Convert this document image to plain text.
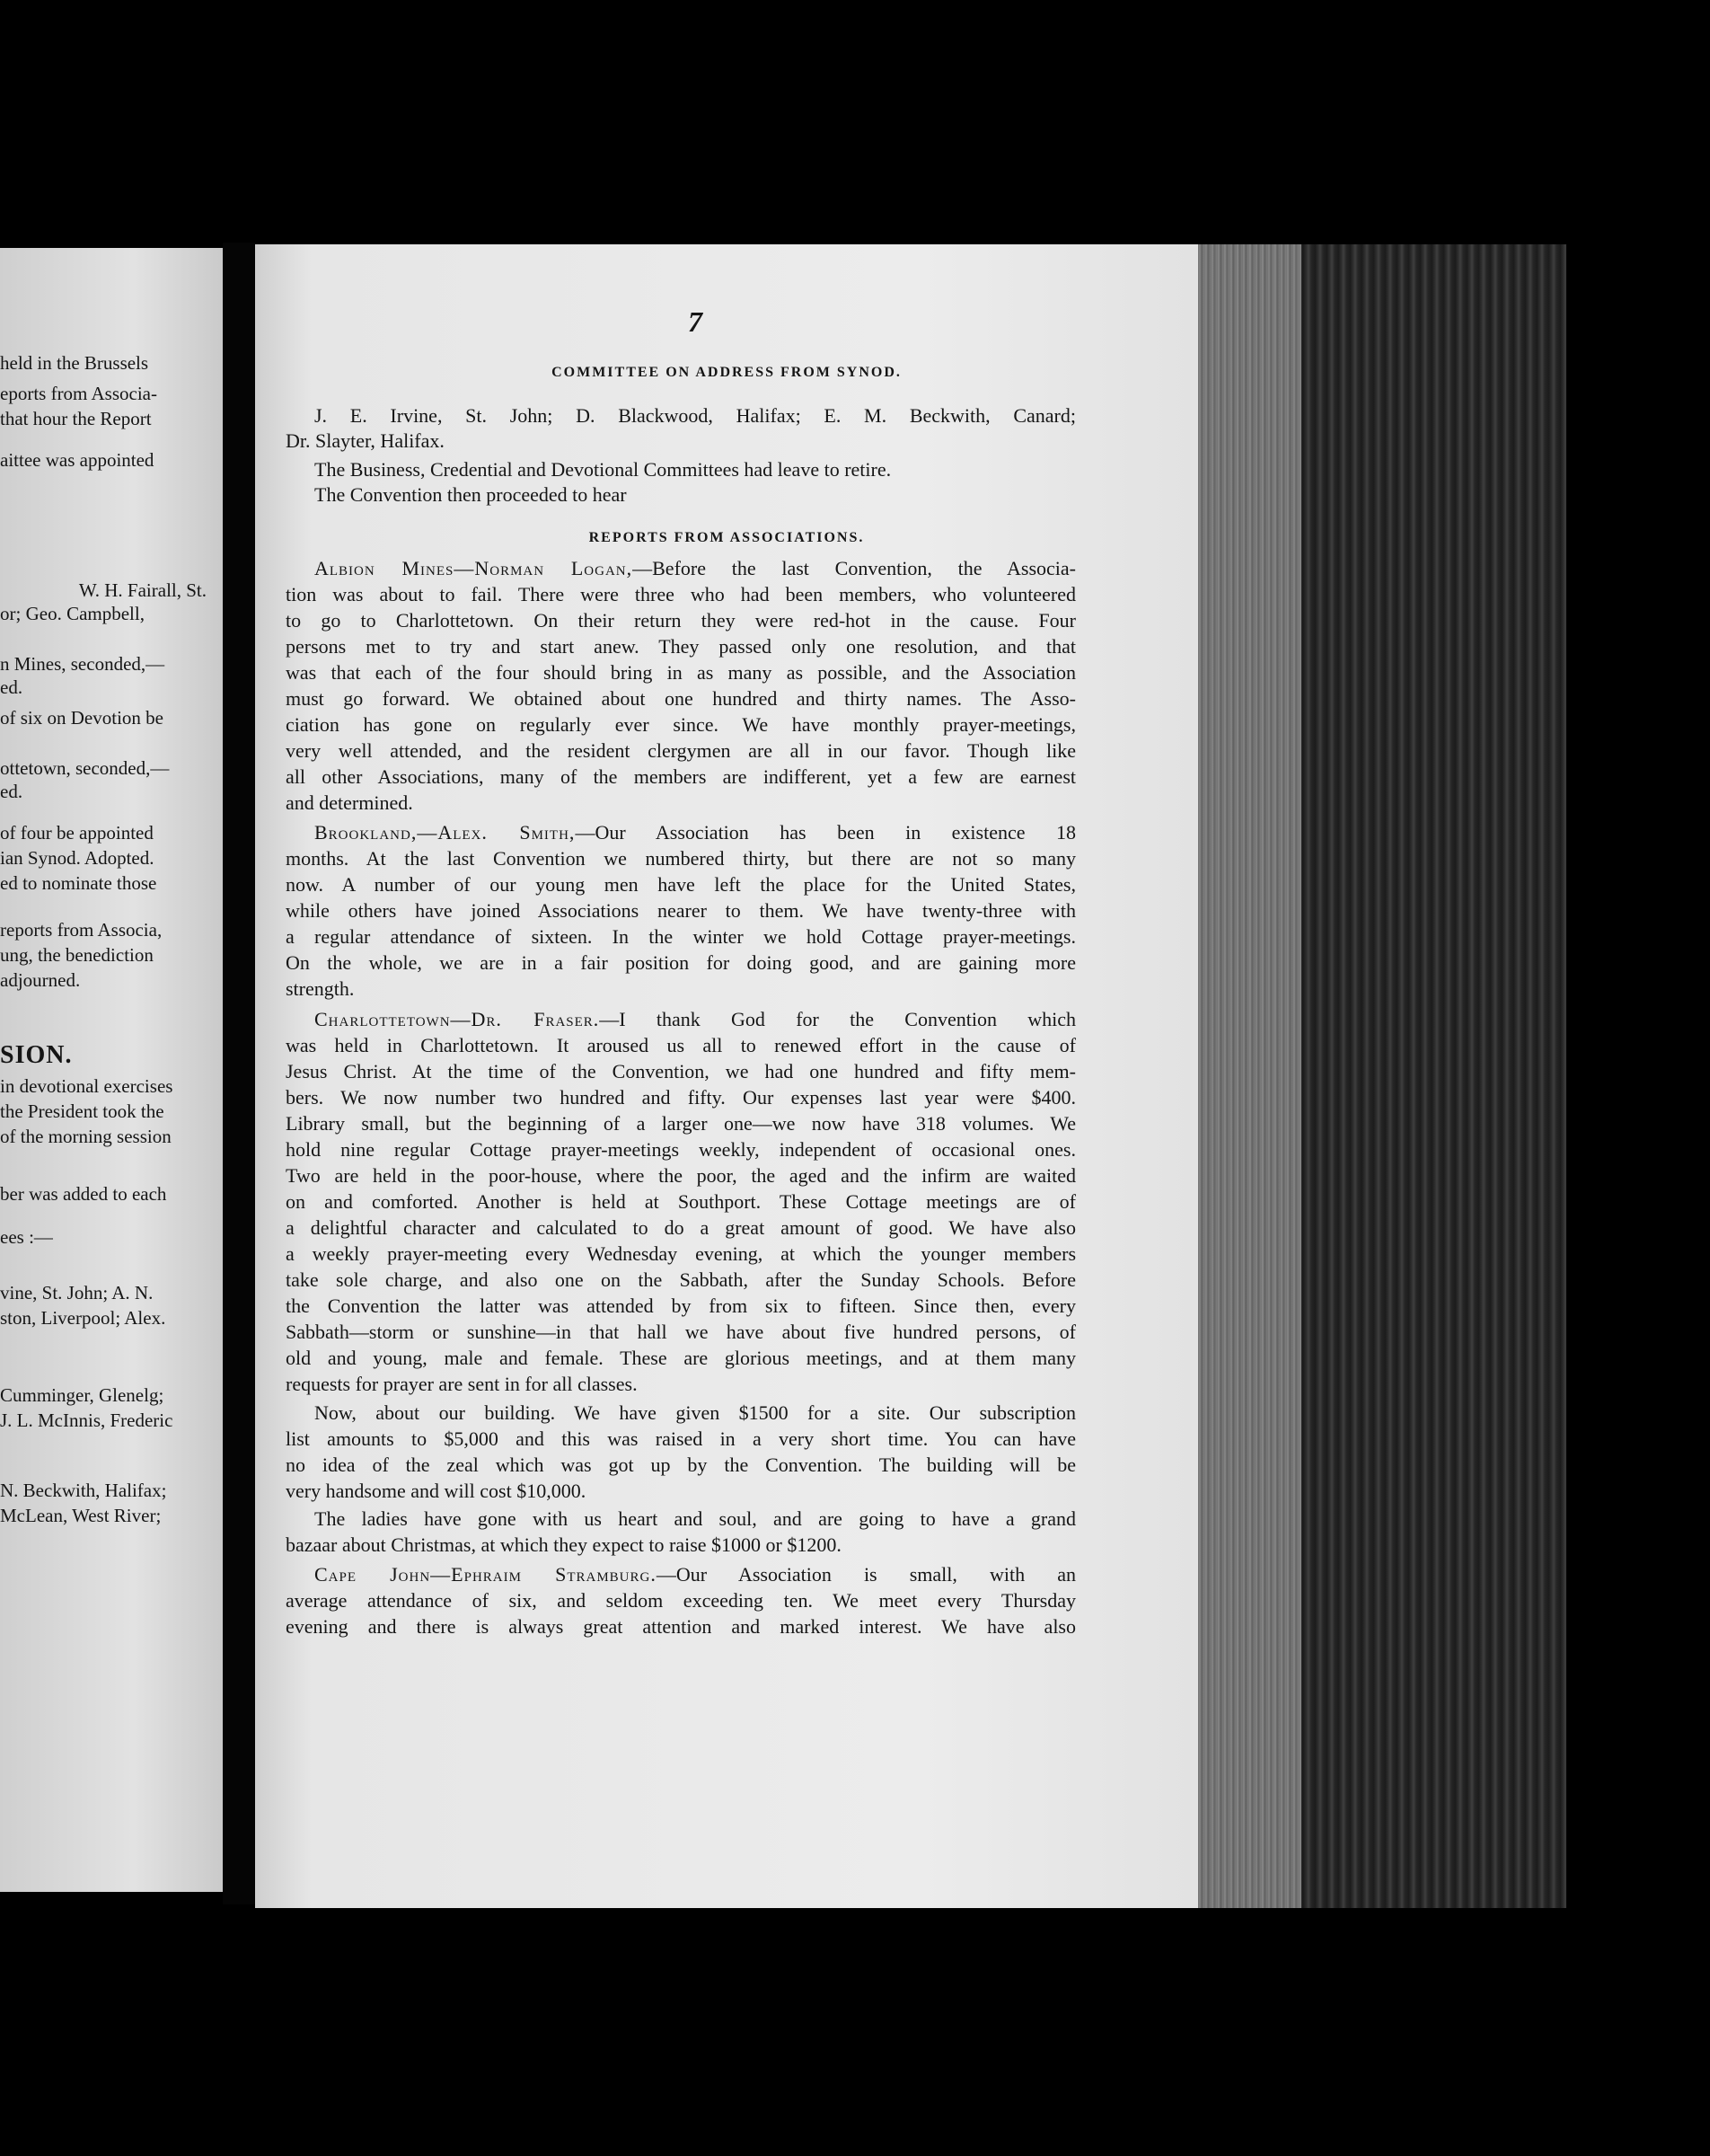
held in the Brussels
eports from Associa-
that hour the Report
aittee was appointed
W. H. Fairall, St.
or; Geo. Campbell,
n Mines, seconded,—
ed.
of six on Devotion be
ottetown, seconded,—
ed.
of four be appointed
ian Synod. Adopted.
ed to nominate those
reports from Associa,
ung, the benediction
adjourned.
SION.
in devotional exercises
the President took the
of the morning session
ber was added to each
ees :—
vine, St. John; A. N.
ston, Liverpool; Alex.
Cumminger, Glenelg;
J. L. McInnis, Frederic
N. Beckwith, Halifax;
McLean, West River;
7
COMMITTEE ON ADDRESS FROM SYNOD.
J. E. Irvine, St. John; D. Blackwood, Halifax; E. M. Beckwith, Canard;
Dr. Slayter, Halifax.
The Business, Credential and Devotional Committees had leave to retire.
The Convention then proceeded to hear
REPORTS FROM ASSOCIATIONS.
Albion Mines—Norman Logan,—Before the last Convention, the Associa-
tion was about to fail. There were three who had been members, who volunteered
to go to Charlottetown. On their return they were red-hot in the cause. Four
persons met to try and start anew. They passed only one resolution, and that
was that each of the four should bring in as many as possible, and the Association
must go forward. We obtained about one hundred and thirty names. The Asso-
ciation has gone on regularly ever since. We have monthly prayer-meetings,
very well attended, and the resident clergymen are all in our favor. Though like
all other Associations, many of the members are indifferent, yet a few are earnest
and determined.
Brookland,—Alex. Smith,—Our Association has been in existence 18
months. At the last Convention we numbered thirty, but there are not so many
now. A number of our young men have left the place for the United States,
while others have joined Associations nearer to them. We have twenty-three with
a regular attendance of sixteen. In the winter we hold Cottage prayer-meetings.
On the whole, we are in a fair position for doing good, and are gaining more
strength.
Charlottetown—Dr. Fraser.—I thank God for the Convention which
was held in Charlottetown. It aroused us all to renewed effort in the cause of
Jesus Christ. At the time of the Convention, we had one hundred and fifty mem-
bers. We now number two hundred and fifty. Our expenses last year were $400.
Library small, but the beginning of a larger one—we now have 318 volumes. We
hold nine regular Cottage prayer-meetings weekly, independent of occasional ones.
Two are held in the poor-house, where the poor, the aged and the infirm are waited
on and comforted. Another is held at Southport. These Cottage meetings are of
a delightful character and calculated to do a great amount of good. We have also
a weekly prayer-meeting every Wednesday evening, at which the younger members
take sole charge, and also one on the Sabbath, after the Sunday Schools. Before
the Convention the latter was attended by from six to fifteen. Since then, every
Sabbath—storm or sunshine—in that hall we have about five hundred persons, of
old and young, male and female. These are glorious meetings, and at them many
requests for prayer are sent in for all classes.
Now, about our building. We have given $1500 for a site. Our subscription
list amounts to $5,000 and this was raised in a very short time. You can have
no idea of the zeal which was got up by the Convention. The building will be
very handsome and will cost $10,000.
The ladies have gone with us heart and soul, and are going to have a grand
bazaar about Christmas, at which they expect to raise $1000 or $1200.
Cape John—Ephraim Stramburg.—Our Association is small, with an
average attendance of six, and seldom exceeding ten. We meet every Thursday
evening and there is always great attention and marked interest. We have also
